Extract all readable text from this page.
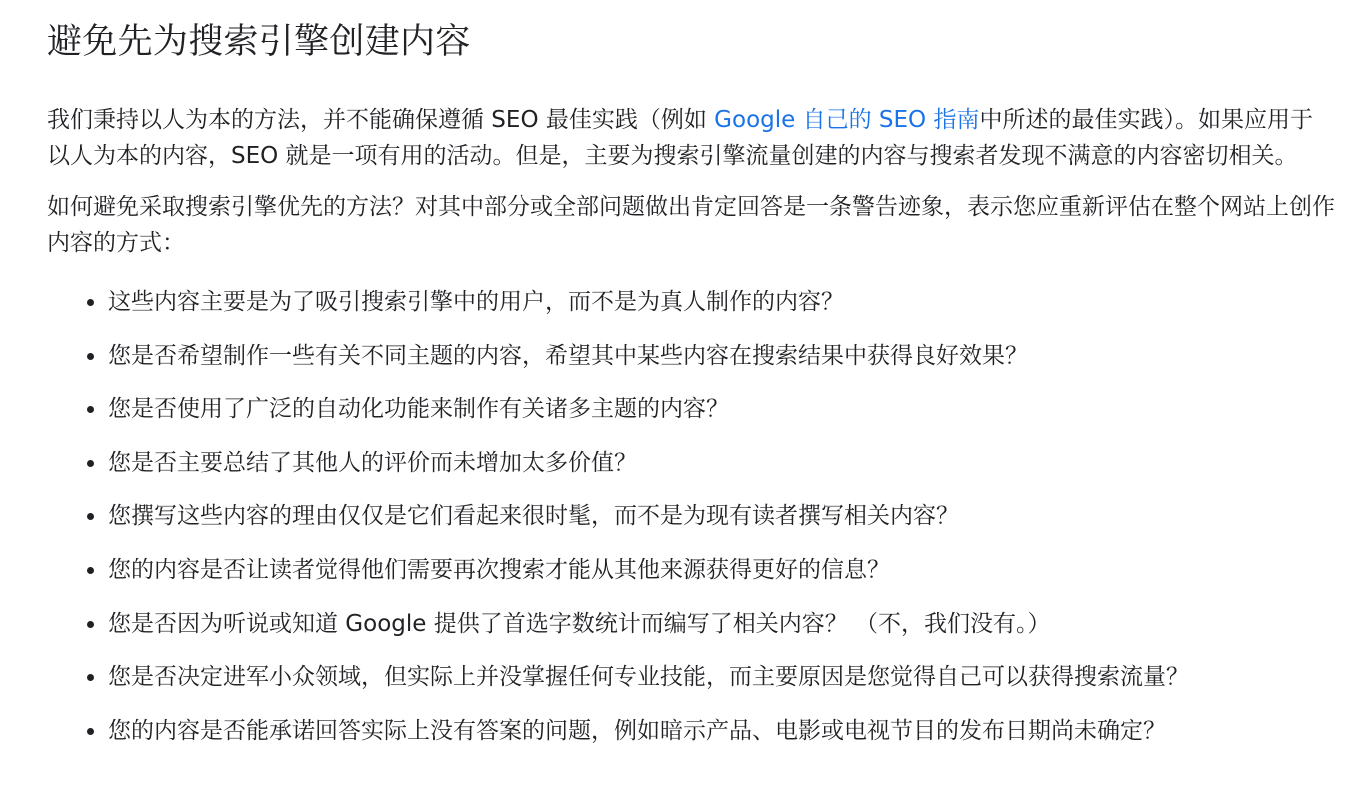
避免先为搜索引擎创建内容

我们秉持以人为本的方法，并不能确保遵循 SEO 最佳实践（例如 Google 自己的 SEO 指南中所述的最佳实践）。如果应用于以人为本的内容，SEO 就是一项有用的活动。但是，主要为搜索引擎流量创建的内容与搜索者发现不满意的内容密切相关。

如何避免采取搜索引擎优先的方法？对其中部分或全部问题做出肯定回答是一条警告迹象，表示您应重新评估在整个网站上创作内容的方式：

这些内容主要是为了吸引搜索引擎中的用户，而不是为真人制作的内容？
您是否希望制作一些有关不同主题的内容，希望其中某些内容在搜索结果中获得良好效果？
您是否使用了广泛的自动化功能来制作有关诸多主题的内容？
您是否主要总结了其他人的评价而未增加太多价值？
您撰写这些内容的理由仅仅是它们看起来很时髦，而不是为现有读者撰写相关内容？
您的内容是否让读者觉得他们需要再次搜索才能从其他来源获得更好的信息？
您是否因为听说或知道 Google 提供了首选字数统计而编写了相关内容？ （不，我们没有。）
您是否决定进军小众领域，但实际上并没掌握任何专业技能，而主要原因是您觉得自己可以获得搜索流量？
您的内容是否能承诺回答实际上没有答案的问题，例如暗示产品、电影或电视节目的发布日期尚未确定？
